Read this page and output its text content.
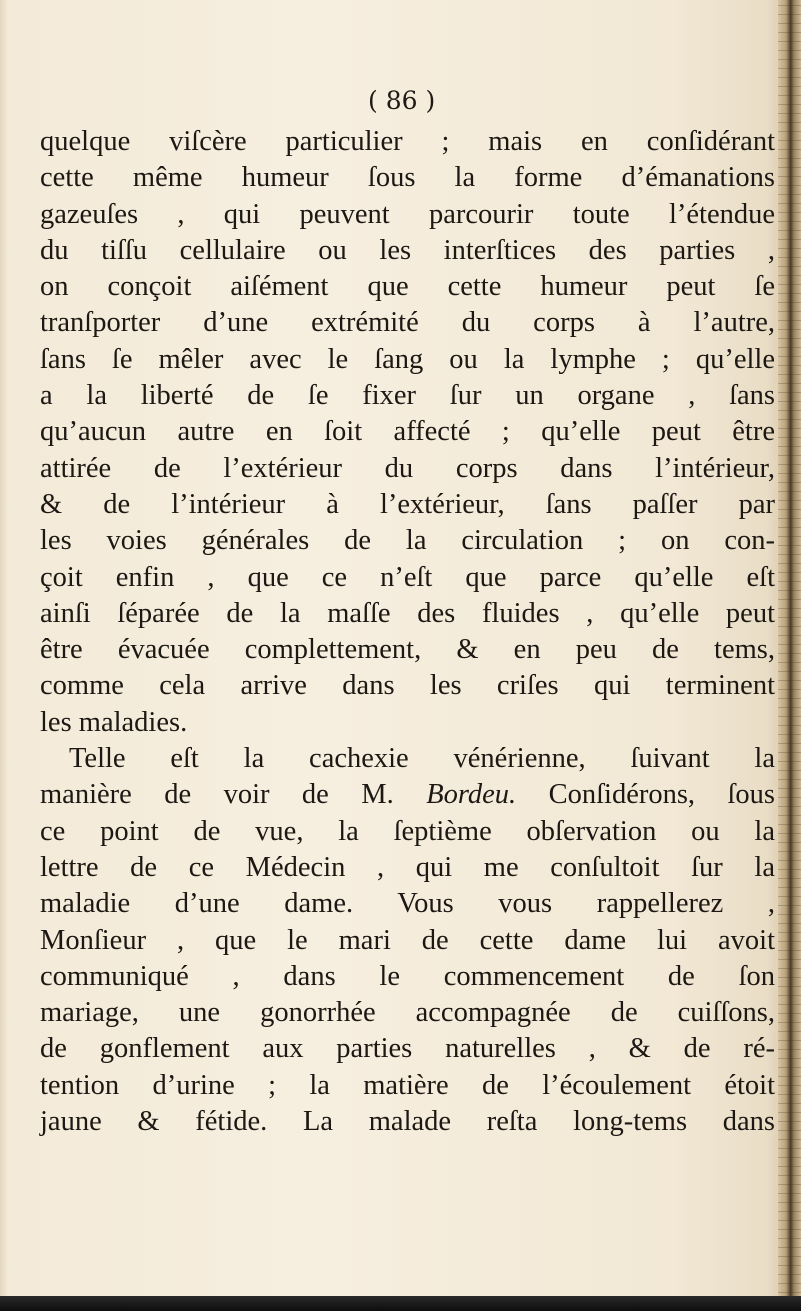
( 86 )
quelque viſcère particulier ; mais en conſidérant
cette même humeur ſous la forme d’émanations
gazeuſes , qui peuvent parcourir toute l’étendue
du tiſſu cellulaire ou les interſtices des parties ,
on conçoit aiſément que cette humeur peut ſe
tranſporter d’une extrémité du corps à l’autre,
ſans ſe mêler avec le ſang ou la lymphe ; qu’elle
a la liberté de ſe fixer ſur un organe , ſans
qu’aucun autre en ſoit affecté ; qu’elle peut être
attirée de l’extérieur du corps dans l’intérieur,
& de l’intérieur à l’extérieur, ſans paſſer par
les voies générales de la circulation ; on con-
çoit enfin , que ce n’eſt que parce qu’elle eſt
ainſi ſéparée de la maſſe des fluides , qu’elle peut
être évacuée complettement, & en peu de tems,
comme cela arrive dans les criſes qui terminent
les maladies.
Telle eſt la cachexie vénérienne, ſuivant la
manière de voir de M. Bordeu. Conſidérons, ſous
ce point de vue, la ſeptième obſervation ou la
lettre de ce Médecin , qui me conſultoit ſur la
maladie d’une dame. Vous vous rappellerez ,
Monſieur , que le mari de cette dame lui avoit
communiqué , dans le commencement de ſon
mariage, une gonorrhée accompagnée de cuiſſons,
de gonflement aux parties naturelles , & de ré-
tention d’urine ; la matière de l’écoulement étoit
jaune & fétide. La malade reſta long-tems dans
